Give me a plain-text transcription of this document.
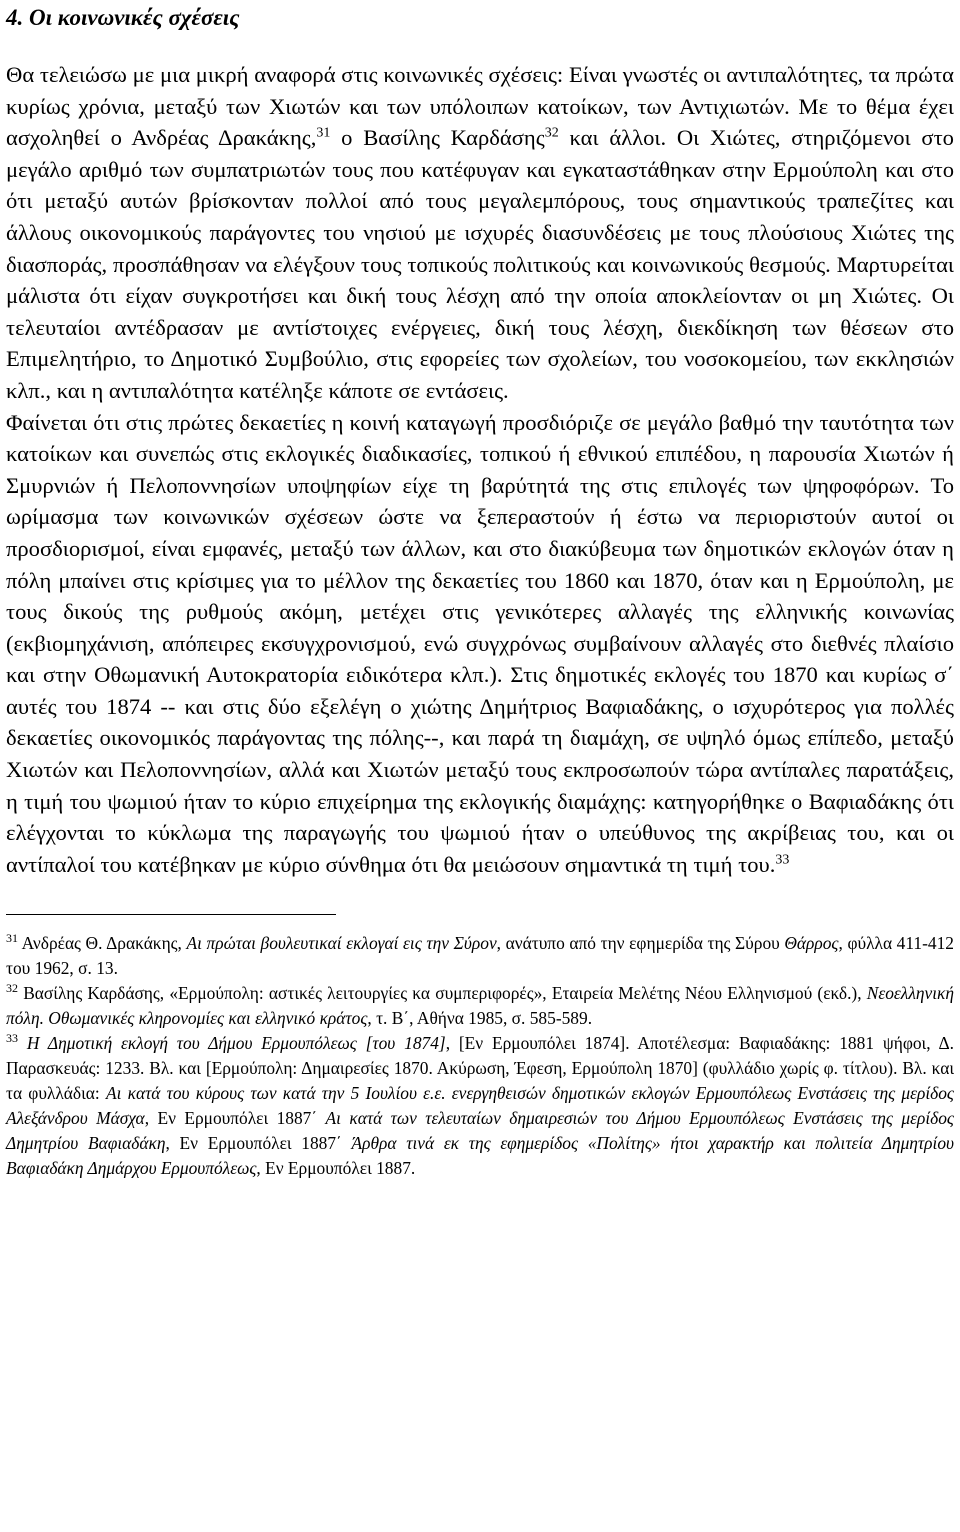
4. Οι κοινωνικές σχέσεις

Θα τελειώσω με μια μικρή αναφορά στις κοινωνικές σχέσεις: Είναι γνωστές οι αντιπαλότητες, τα πρώτα κυρίως χρόνια, μεταξύ των Χιωτών και των υπόλοιπων κατοίκων, των Αντιχιωτών. Με το θέμα έχει ασχοληθεί ο Ανδρέας Δρακάκης,$^{31}$ ο Βασίλης Καρδάσης$^{32}$ και άλλοι. Οι Χιώτες, στηριζόμενοι στο μεγάλο αριθμό των συμπατριωτών τους που κατέφυγαν και εγκαταστάθηκαν στην Ερμούπολη και στο ότι μεταξύ αυτών βρίσκονταν πολλοί από τους μεγαλεμπόρους, τους σημαντικούς τραπεζίτες και άλλους οικονομικούς παράγοντες του νησιού με ισχυρές διασυνδέσεις με τους πλούσιους Χιώτες της διασποράς, προσπάθησαν να ελέγξουν τους τοπικούς πολιτικούς και κοινωνικούς θεσμούς. Μαρτυρείται μάλιστα ότι είχαν συγκροτήσει και δική τους λέσχη από την οποία αποκλείονταν οι μη Χιώτες. Οι τελευταίοι αντέδρασαν με αντίστοιχες ενέργειες, δική τους λέσχη, διεκδίκηση των θέσεων στο Επιμελητήριο, το Δημοτικό Συμβούλιο, στις εφορείες των σχολείων, του νοσοκομείου, των εκκλησιών κλπ., και η αντιπαλότητα κατέληξε κάποτε σε εντάσεις.

Φαίνεται ότι στις πρώτες δεκαετίες η κοινή καταγωγή προσδιόριζε σε μεγάλο βαθμό την ταυτότητα των κατοίκων και συνεπώς στις εκλογικές διαδικασίες, τοπικού ή εθνικού επιπέδου, η παρουσία Χιωτών ή Σμυρνιών ή Πελοποννησίων υποψηφίων είχε τη βαρύτητά της στις επιλογές των ψηφοφόρων. Το ωρίμασμα των κοινωνικών σχέσεων ώστε να ξεπεραστούν ή έστω να περιοριστούν αυτοί οι προσδιορισμοί, είναι εμφανές, μεταξύ των άλλων, και στο διακύβευμα των δημοτικών εκλογών όταν η πόλη μπαίνει στις κρίσιμες για το μέλλον της δεκαετίες του 1860 και 1870, όταν και η Ερμούπολη, με τους δικούς της ρυθμούς ακόμη, μετέχει στις γενικότερες αλλαγές της ελληνικής κοινωνίας (εκβιομηχάνιση, απόπειρες εκσυγχρονισμού, ενώ συγχρόνως συμβαίνουν αλλαγές στο διεθνές πλαίσιο και στην Οθωμανική Αυτοκρατορία ειδικότερα κλπ.). Στις δημοτικές εκλογές του 1870 και κυρίως σ΄ αυτές του 1874 -- και στις δύο εξελέγη ο χιώτης Δημήτριος Βαφιαδάκης, ο ισχυρότερος για πολλές δεκαετίες οικονομικός παράγοντας της πόλης--, και παρά τη διαμάχη, σε υψηλό όμως επίπεδο, μεταξύ Χιωτών και Πελοποννησίων, αλλά και Χιωτών μεταξύ τους εκπροσωπούν τώρα αντίπαλες παρατάξεις, η τιμή του ψωμιού ήταν το κύριο επιχείρημα της εκλογικής διαμάχης: κατηγορήθηκε ο Βαφιαδάκης ότι ελέγχονται το κύκλωμα της παραγωγής του ψωμιού ήταν ο υπεύθυνος της ακρίβειας του, και οι αντίπαλοί του κατέβηκαν με κύριο σύνθημα ότι θα μειώσουν σημαντικά τη τιμή του.$^{33}$

$^{31}$ Ανδρέας Θ. Δρακάκης, Αι πρώται βουλευτικαί εκλογαί εις την Σύρον, ανάτυπο από την εφημερίδα της Σύρου Θάρρος, φύλλα 411-412 του 1962, σ. 13.

$^{32}$ Βασίλης Καρδάσης, «Ερμούπολη: αστικές λειτουργίες κα συμπεριφορές», Εταιρεία Μελέτης Νέου Ελληνισμού (εκδ.), Νεοελληνική πόλη. Οθωμανικές κληρονομίες και ελληνικό κράτος, τ. Β΄, Αθήνα 1985, σ. 585-589.

$^{33}$ Η Δημοτική εκλογή του Δήμου Ερμουπόλεως [του 1874], [Εν Ερμουπόλει 1874]. Αποτέλεσμα: Βαφιαδάκης: 1881 ψήφοι, Δ. Παρασκευάς: 1233. Βλ. και [Ερμούπολη: Δημαιρεσίες 1870. Ακύρωση, Έφεση, Ερμούπολη 1870] (φυλλάδιο χωρίς φ. τίτλου). Βλ. και τα φυλλάδια: Αι κατά του κύρους των κατά την 5 Ιουλίου ε.ε. ενεργηθεισών δημοτικών εκλογών Ερμουπόλεως Ενστάσεις της μερίδος Αλεξάνδρου Μάσχα, Εν Ερμουπόλει 1887΄ Αι κατά των τελευταίων δημαιρεσιών του Δήμου Ερμουπόλεως Ενστάσεις της μερίδος Δημητρίου Βαφιαδάκη, Εν Ερμουπόλει 1887΄ Άρθρα τινά εκ της εφημερίδος «Πολίτης» ήτοι χαρακτήρ και πολιτεία Δημητρίου Βαφιαδάκη Δημάρχου Ερμουπόλεως, Εν Ερμουπόλει 1887.
